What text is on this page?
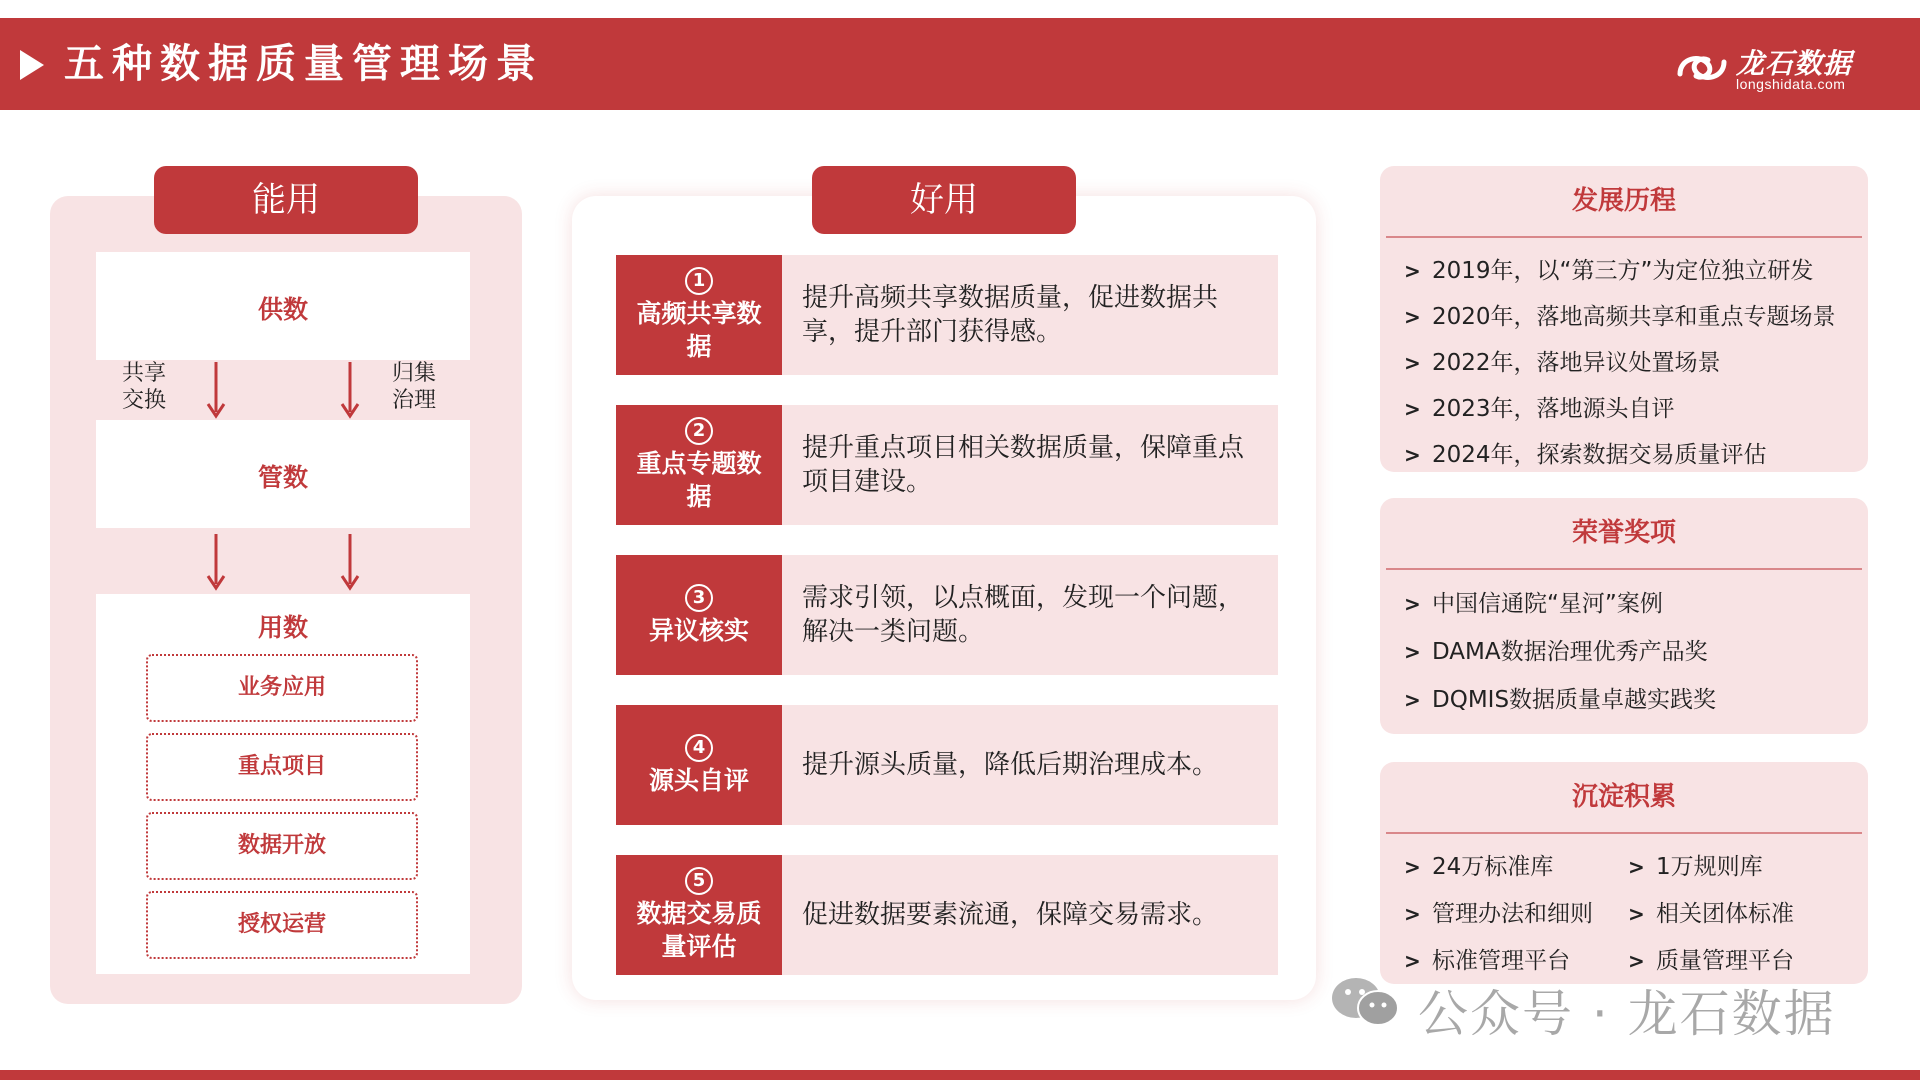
五种数据质量管理场景	龙石数据
longshidata.com
能用
供数
共享
交换
归集
治理
管数
用数
业务应用
重点项目
数据开放
授权运营
好用
1
高频共享数据
提升高频共享数据质量，促进数据共享，提升部门获得感。
2
重点专题数据
提升重点项目相关数据质量，保障重点项目建设。
3
异议核实
需求引领，以点概面，发现一个问题，解决一类问题。
4
源头自评	提升源头质量，降低后期治理成本。
5
数据交易质量评估
促进数据要素流通，保障交易需求。
发展历程
> 2019年，以“第三方”为定位独立研发
> 2020年，落地高频共享和重点专题场景
> 2022年，落地异议处置场景
> 2023年，落地源头自评
> 2024年，探索数据交易质量评估
荣誉奖项
> 中国信通院“星河”案例
> DAMA数据治理优秀产品奖
> DQMIS数据质量卓越实践奖
沉淀积累
> 24万标准库	> 1万规则库
> 管理办法和细则	> 相关团体标准
> 标准管理平台	> 质量管理平台
公众号 · 龙石数据
